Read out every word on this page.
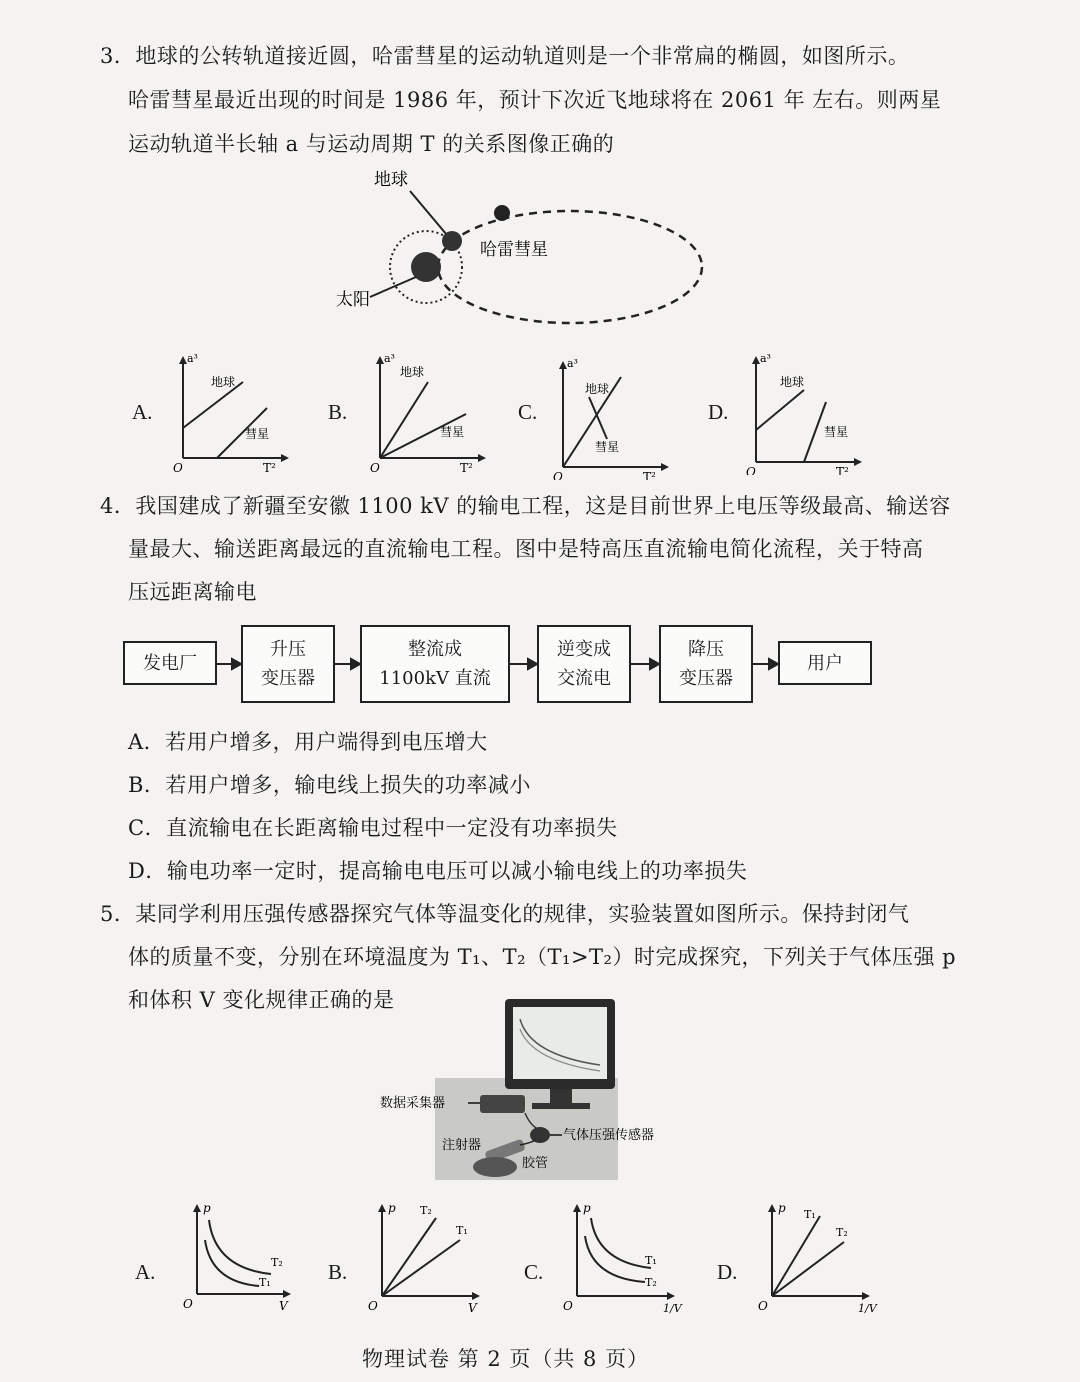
3．地球的公转轨道接近圆，哈雷彗星的运动轨道则是一个非常扁的椭圆，如图所示。
哈雷彗星最近出现的时间是 1986 年，预计下次近飞地球将在 2061 年 左右。则两星
运动轨道半长轴 a 与运动周期 T 的关系图像正确的
地球
哈雷彗星
太阳
A.
a³
O	T²
地球
彗星
B.
a³
O	T²
地球
彗星
C.
a³
O	T²
地球
彗星
D.
a³
O	T²
地球
彗星
4．我国建成了新疆至安徽 1100 kV 的输电工程，这是目前世界上电压等级最高、输送容
量最大、输送距离最远的直流输电工程。图中是特高压直流输电简化流程，关于特高
压远距离输电
发电厂
升压
变压器
整流成
1100kV 直流
逆变成
交流电
降压
变压器
用户
A．若用户增多，用户端得到电压增大
B．若用户增多，输电线上损失的功率减小
C．直流输电在长距离输电过程中一定没有功率损失
D．输电功率一定时，提高输电电压可以减小输电线上的功率损失
5．某同学利用压强传感器探究气体等温变化的规律，实验装置如图所示。保持封闭气
体的质量不变，分别在环境温度为 T₁、T₂（T₁>T₂）时完成探究，下列关于气体压强 p
和体积 V 变化规律正确的是
数据采集器
气体压强传感器
注射器
胶管
A.
p
O	V
T₂
T₁	B.
p
O	V
T₂
T₁
C.
p
O	1/V
T₁
T₂	D.
p
O	1/V
T₁
T₂
物理试卷 第 2 页（共 8 页）
